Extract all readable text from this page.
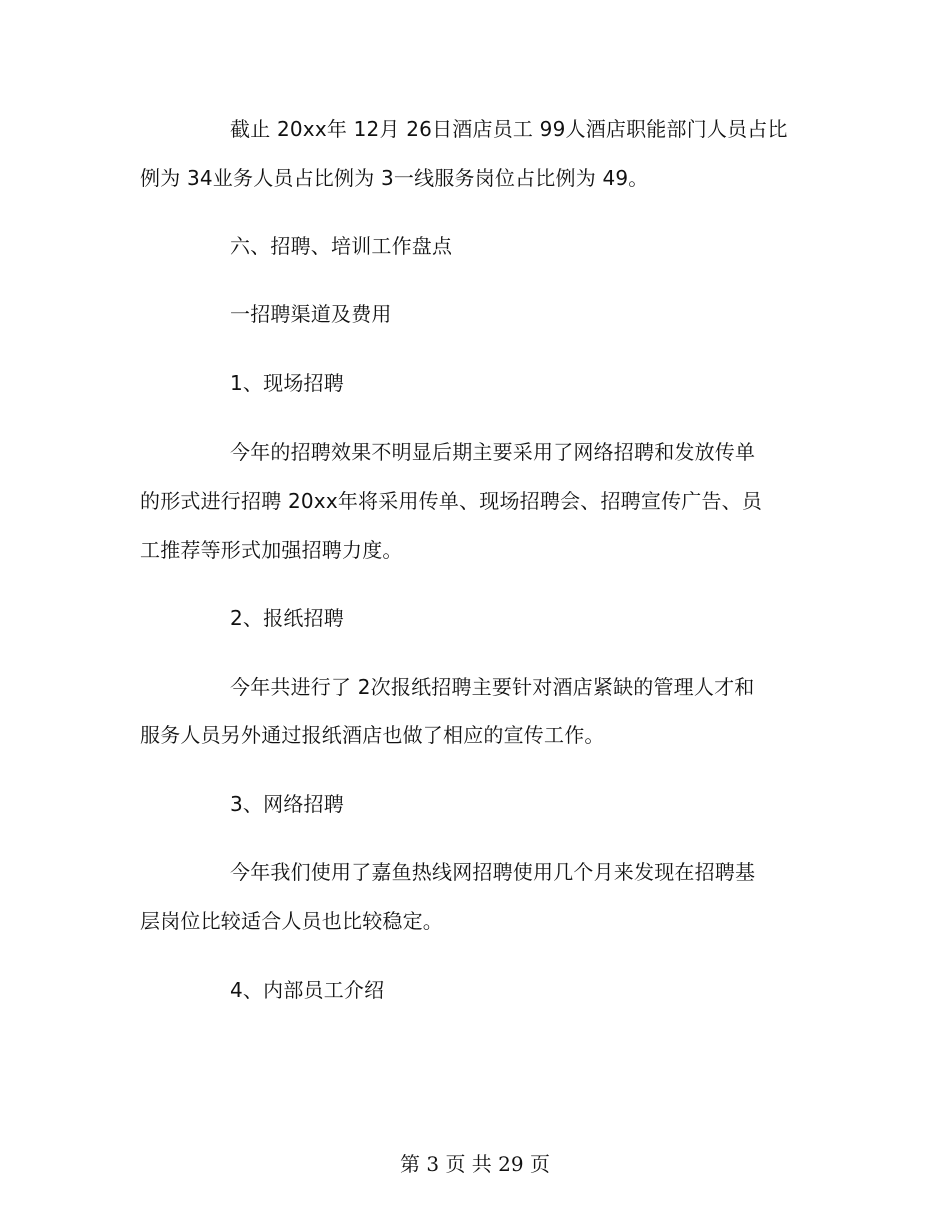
截止 20xx年 12月 26日酒店员工 99人酒店职能部门人员占比
例为 34业务人员占比例为 3一线服务岗位占比例为 49。
六、招聘、培训工作盘点
一招聘渠道及费用
1、现场招聘
今年的招聘效果不明显后期主要采用了网络招聘和发放传单
的形式进行招聘 20xx年将采用传单、现场招聘会、招聘宣传广告、员
工推荐等形式加强招聘力度。
2、报纸招聘
今年共进行了 2次报纸招聘主要针对酒店紧缺的管理人才和
服务人员另外通过报纸酒店也做了相应的宣传工作。
3、网络招聘
今年我们使用了嘉鱼热线网招聘使用几个月来发现在招聘基
层岗位比较适合人员也比较稳定。
4、内部员工介绍
第 3 页 共 29 页
